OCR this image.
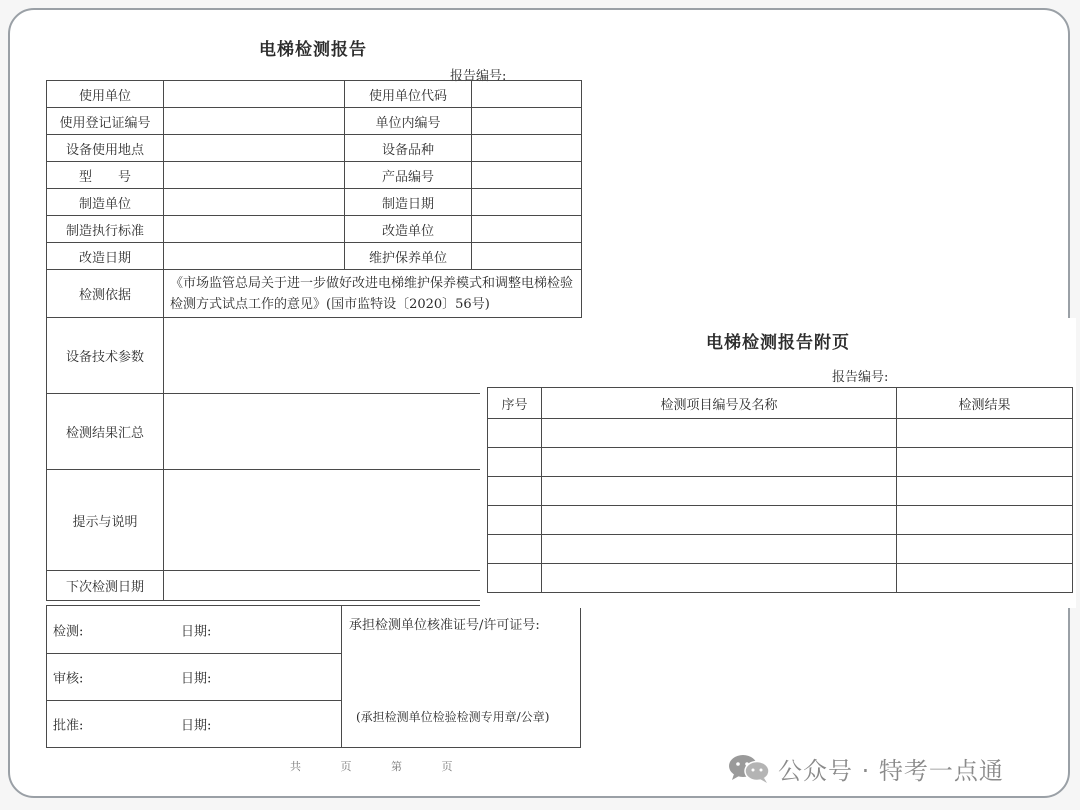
电梯检测报告
报告编号:
使用单位		使用单位代码	
使用登记证编号		单位内编号	
设备使用地点		设备品种	
型　　号		产品编号	
制造单位		制造日期	
制造执行标准		改造单位	
改造日期		维护保养单位	
检测依据	《市场监管总局关于进一步做好改进电梯维护保养模式和调整电梯检验检测方式试点工作的意见》(国市监特设〔2020〕56号)		
设备技术参数			
检测结果汇总			
提示与说明			
下次检测日期			
检测:	日期:
审核:	日期:
批准:	日期:
承担检测单位核准证号/许可证号:
(承担检测单位检验检测专用章/公章)
共 页 第 页
电梯检测报告附页
报告编号:
序号	检测项目编号及名称	检测结果

公众号 · 特考一点通
